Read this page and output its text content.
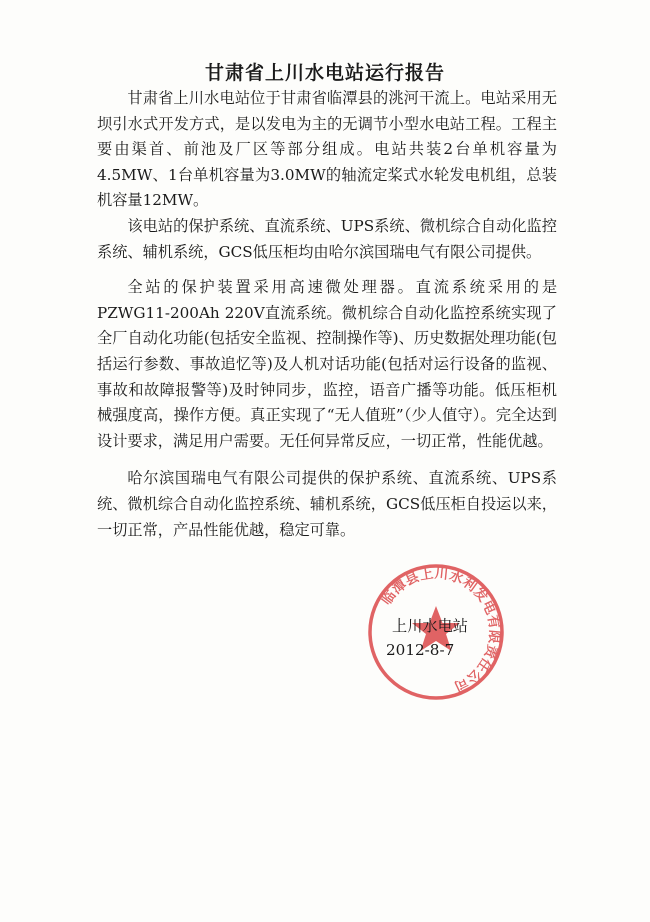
甘肃省上川水电站运行报告

甘肃省上川水电站位于甘肃省临潭县的洮河干流上。电站采用无坝引水式开发方式，是以发电为主的无调节小型水电站工程。工程主要由渠首、前池及厂区等部分组成。电站共装2台单机容量为4.5MW、1台单机容量为3.0MW的轴流定桨式水轮发电机组，总装机容量12MW。

该电站的保护系统、直流系统、UPS系统、微机综合自动化监控系统、辅机系统，GCS低压柜均由哈尔滨国瑞电气有限公司提供。

全站的保护装置采用高速微处理器。直流系统采用的是PZWG11-200Ah 220V直流系统。微机综合自动化监控系统实现了全厂自动化功能(包括安全监视、控制操作等)、历史数据处理功能(包括运行参数、事故追忆等)及人机对话功能(包括对运行设备的监视、事故和故障报警等)及时钟同步，监控，语音广播等功能。低压柜机械强度高，操作方便。真正实现了“无人值班”（少人值守）。完全达到设计要求，满足用户需要。无任何异常反应，一切正常，性能优越。

哈尔滨国瑞电气有限公司提供的保护系统、直流系统、UPS系统、微机综合自动化监控系统、辅机系统，GCS低压柜自投运以来，一切正常，产品性能优越，稳定可靠。

临潭县上川水利发电有限责任公司
上川水电站
2012-8-7
